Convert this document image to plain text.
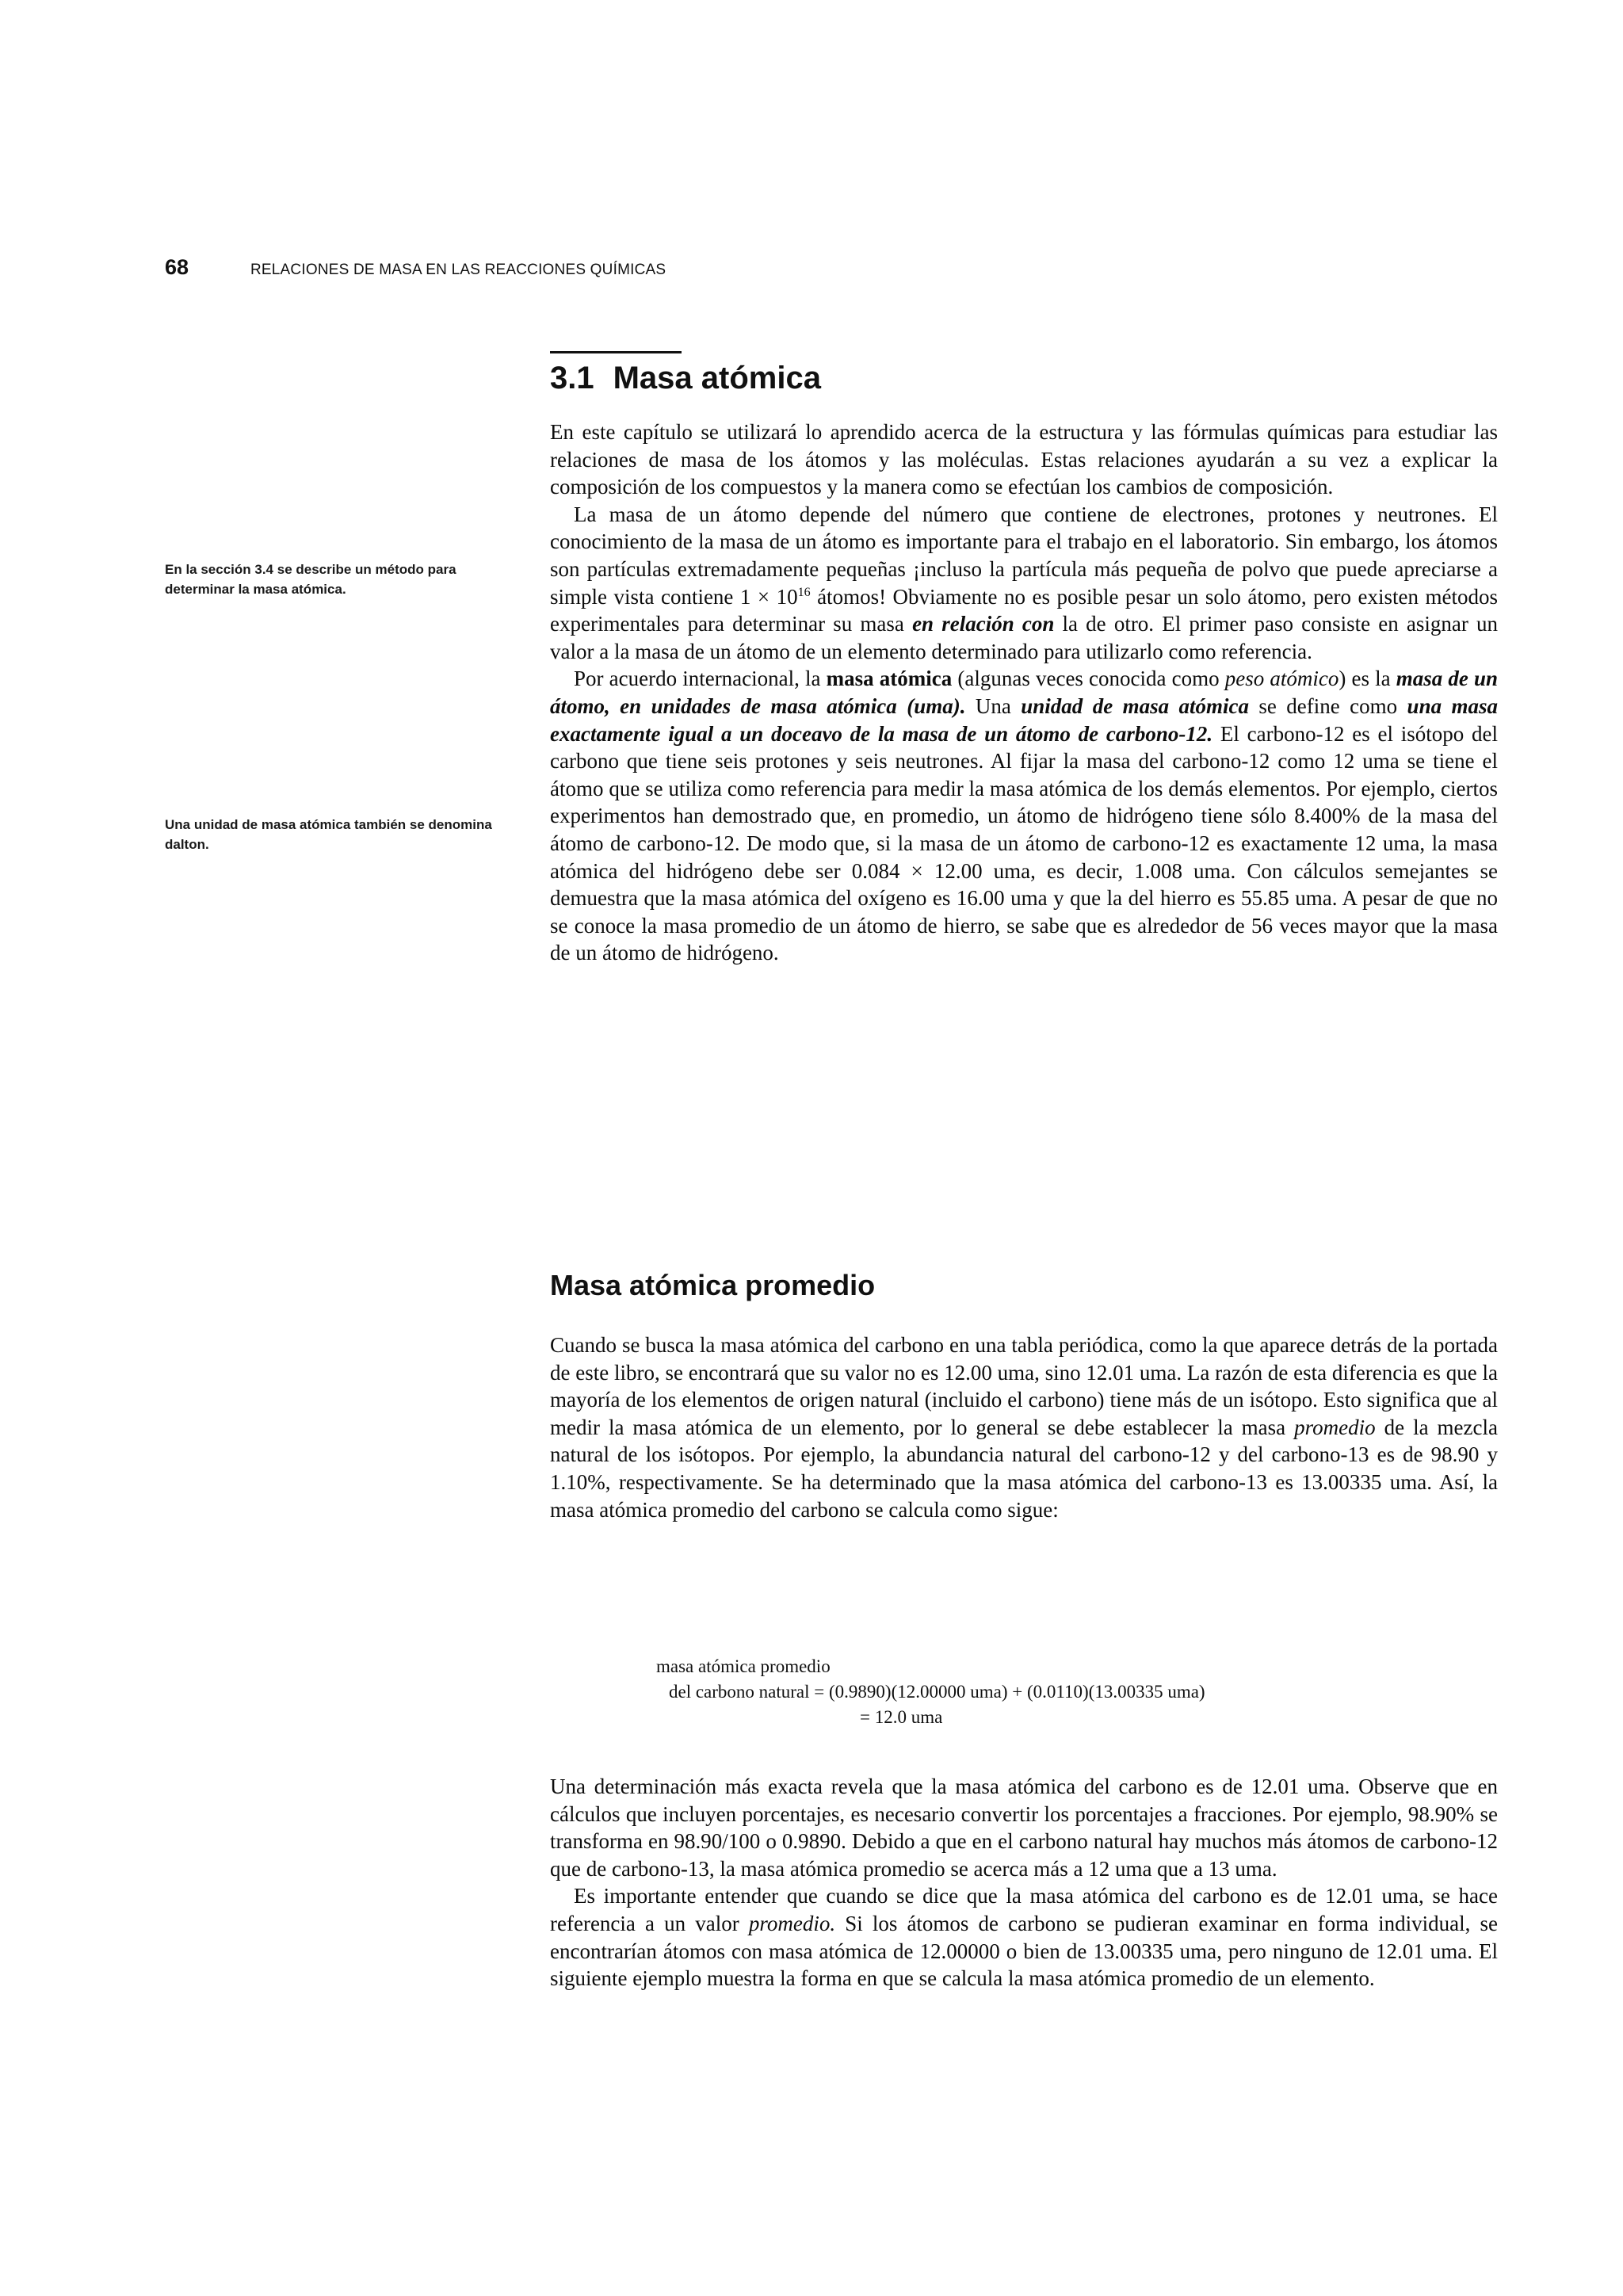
68	RELACIONES DE MASA EN LAS REACCIONES QUÍMICAS
En la sección 3.4 se describe un método para determinar la masa atómica.
Una unidad de masa atómica también se denomina dalton.
3.1 Masa atómica

En este capítulo se utilizará lo aprendido acerca de la estructura y las fórmulas químicas para estudiar las relaciones de masa de los átomos y las moléculas. Estas relaciones ayudarán a su vez a explicar la composición de los compuestos y la manera como se efectúan los cambios de composición.

La masa de un átomo depende del número que contiene de electrones, protones y neutrones. El conocimiento de la masa de un átomo es importante para el trabajo en el laboratorio. Sin embargo, los átomos son partículas extremadamente pequeñas ¡incluso la partícula más pequeña de polvo que puede apreciarse a simple vista contiene $1 \times 10^{16}$ átomos! Obviamente no es posible pesar un solo átomo, pero existen métodos experimentales para determinar su masa en relación con la de otro. El primer paso consiste en asignar un valor a la masa de un átomo de un elemento determinado para utilizarlo como referencia.

Por acuerdo internacional, la masa atómica (algunas veces conocida como peso atómico) es la masa de un átomo, en unidades de masa atómica (uma). Una unidad de masa atómica se define como una masa exactamente igual a un doceavo de la masa de un átomo de carbono-12. El carbono-12 es el isótopo del carbono que tiene seis protones y seis neutrones. Al fijar la masa del carbono-12 como 12 uma se tiene el átomo que se utiliza como referencia para medir la masa atómica de los demás elementos. Por ejemplo, ciertos experimentos han demostrado que, en promedio, un átomo de hidrógeno tiene sólo 8.400% de la masa del átomo de carbono-12. De modo que, si la masa de un átomo de carbono-12 es exactamente 12 uma, la masa atómica del hidrógeno debe ser 0.084 × 12.00 uma, es decir, 1.008 uma. Con cálculos semejantes se demuestra que la masa atómica del oxígeno es 16.00 uma y que la del hierro es 55.85 uma. A pesar de que no se conoce la masa promedio de un átomo de hierro, se sabe que es alrededor de 56 veces mayor que la masa de un átomo de hidrógeno.

Masa atómica promedio

Cuando se busca la masa atómica del carbono en una tabla periódica, como la que aparece detrás de la portada de este libro, se encontrará que su valor no es 12.00 uma, sino 12.01 uma. La razón de esta diferencia es que la mayoría de los elementos de origen natural (incluido el carbono) tiene más de un isótopo. Esto significa que al medir la masa atómica de un elemento, por lo general se debe establecer la masa promedio de la mezcla natural de los isótopos. Por ejemplo, la abundancia natural del carbono-12 y del carbono-13 es de 98.90 y 1.10%, respectivamente. Se ha determinado que la masa atómica del carbono-13 es 13.00335 uma. Así, la masa atómica promedio del carbono se calcula como sigue:

masa atómica promedio
del carbono natural = (0.9890)(12.00000 uma) + (0.0110)(13.00335 uma)
= 12.0 uma

Una determinación más exacta revela que la masa atómica del carbono es de 12.01 uma. Observe que en cálculos que incluyen porcentajes, es necesario convertir los porcentajes a fracciones. Por ejemplo, 98.90% se transforma en 98.90/100 o 0.9890. Debido a que en el carbono natural hay muchos más átomos de carbono-12 que de carbono-13, la masa atómica promedio se acerca más a 12 uma que a 13 uma.

Es importante entender que cuando se dice que la masa atómica del carbono es de 12.01 uma, se hace referencia a un valor promedio. Si los átomos de carbono se pudieran examinar en forma individual, se encontrarían átomos con masa atómica de 12.00000 o bien de 13.00335 uma, pero ninguno de 12.01 uma. El siguiente ejemplo muestra la forma en que se calcula la masa atómica promedio de un elemento.
